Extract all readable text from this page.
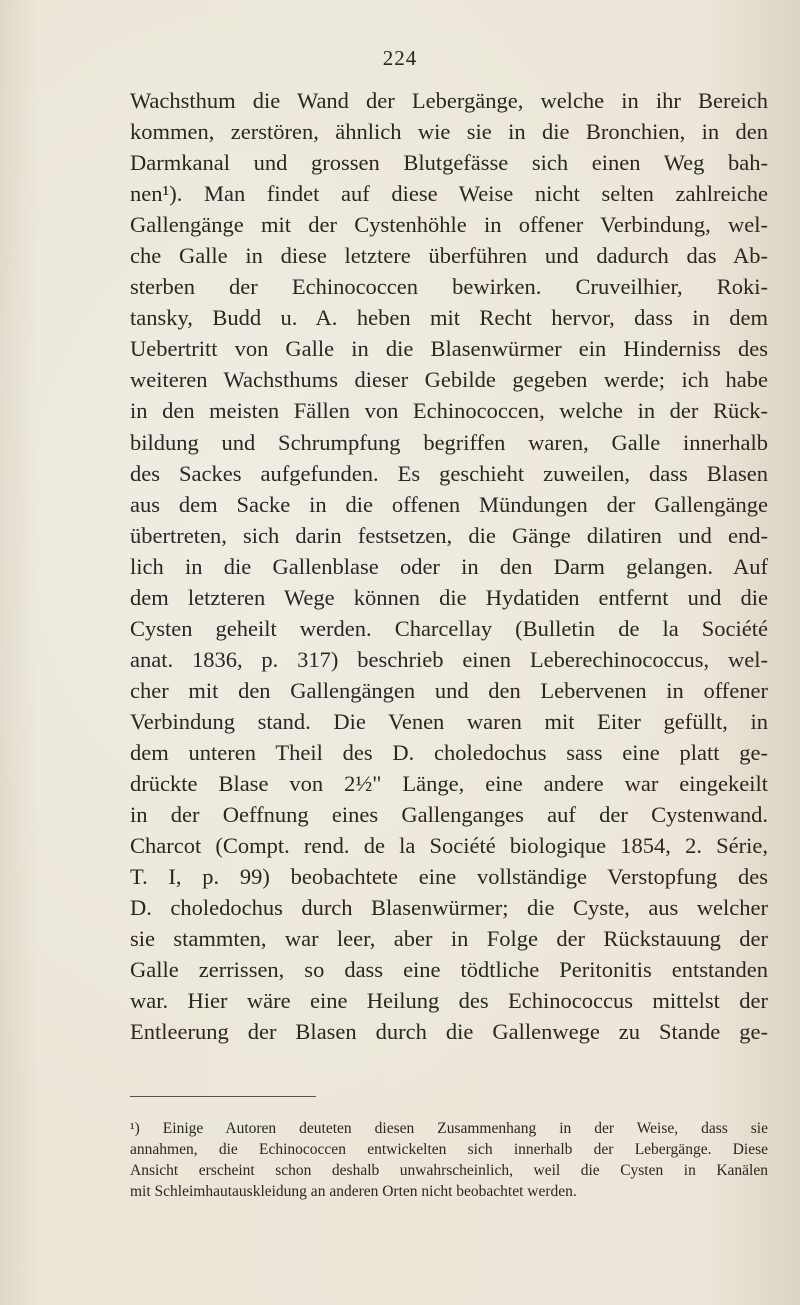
224
Wachsthum die Wand der Lebergänge, welche in ihr Bereich
kommen, zerstören, ähnlich wie sie in die Bronchien, in den
Darmkanal und grossen Blutgefässe sich einen Weg bah-
nen¹). Man findet auf diese Weise nicht selten zahlreiche
Gallengänge mit der Cystenhöhle in offener Verbindung, wel-
che Galle in diese letztere überführen und dadurch das Ab-
sterben der Echinococcen bewirken. Cruveilhier, Roki-
tansky, Budd u. A. heben mit Recht hervor, dass in dem
Uebertritt von Galle in die Blasenwürmer ein Hinderniss des
weiteren Wachsthums dieser Gebilde gegeben werde; ich habe
in den meisten Fällen von Echinococcen, welche in der Rück-
bildung und Schrumpfung begriffen waren, Galle innerhalb
des Sackes aufgefunden. Es geschieht zuweilen, dass Blasen
aus dem Sacke in die offenen Mündungen der Gallengänge
übertreten, sich darin festsetzen, die Gänge dilatiren und end-
lich in die Gallenblase oder in den Darm gelangen. Auf
dem letzteren Wege können die Hydatiden entfernt und die
Cysten geheilt werden. Charcellay (Bulletin de la Société
anat. 1836, p. 317) beschrieb einen Leberechinococcus, wel-
cher mit den Gallengängen und den Lebervenen in offener
Verbindung stand. Die Venen waren mit Eiter gefüllt, in
dem unteren Theil des D. choledochus sass eine platt ge-
drückte Blase von 2½" Länge, eine andere war eingekeilt
in der Oeffnung eines Gallenganges auf der Cystenwand.
Charcot (Compt. rend. de la Société biologique 1854, 2. Série,
T. I, p. 99) beobachtete eine vollständige Verstopfung des
D. choledochus durch Blasenwürmer; die Cyste, aus welcher
sie stammten, war leer, aber in Folge der Rückstauung der
Galle zerrissen, so dass eine tödtliche Peritonitis entstanden
war. Hier wäre eine Heilung des Echinococcus mittelst der
Entleerung der Blasen durch die Gallenwege zu Stande ge-
¹) Einige Autoren deuteten diesen Zusammenhang in der Weise, dass sie
annahmen, die Echinococcen entwickelten sich innerhalb der Lebergänge. Diese
Ansicht erscheint schon deshalb unwahrscheinlich, weil die Cysten in Kanälen
mit Schleimhautauskleidung an anderen Orten nicht beobachtet werden.
